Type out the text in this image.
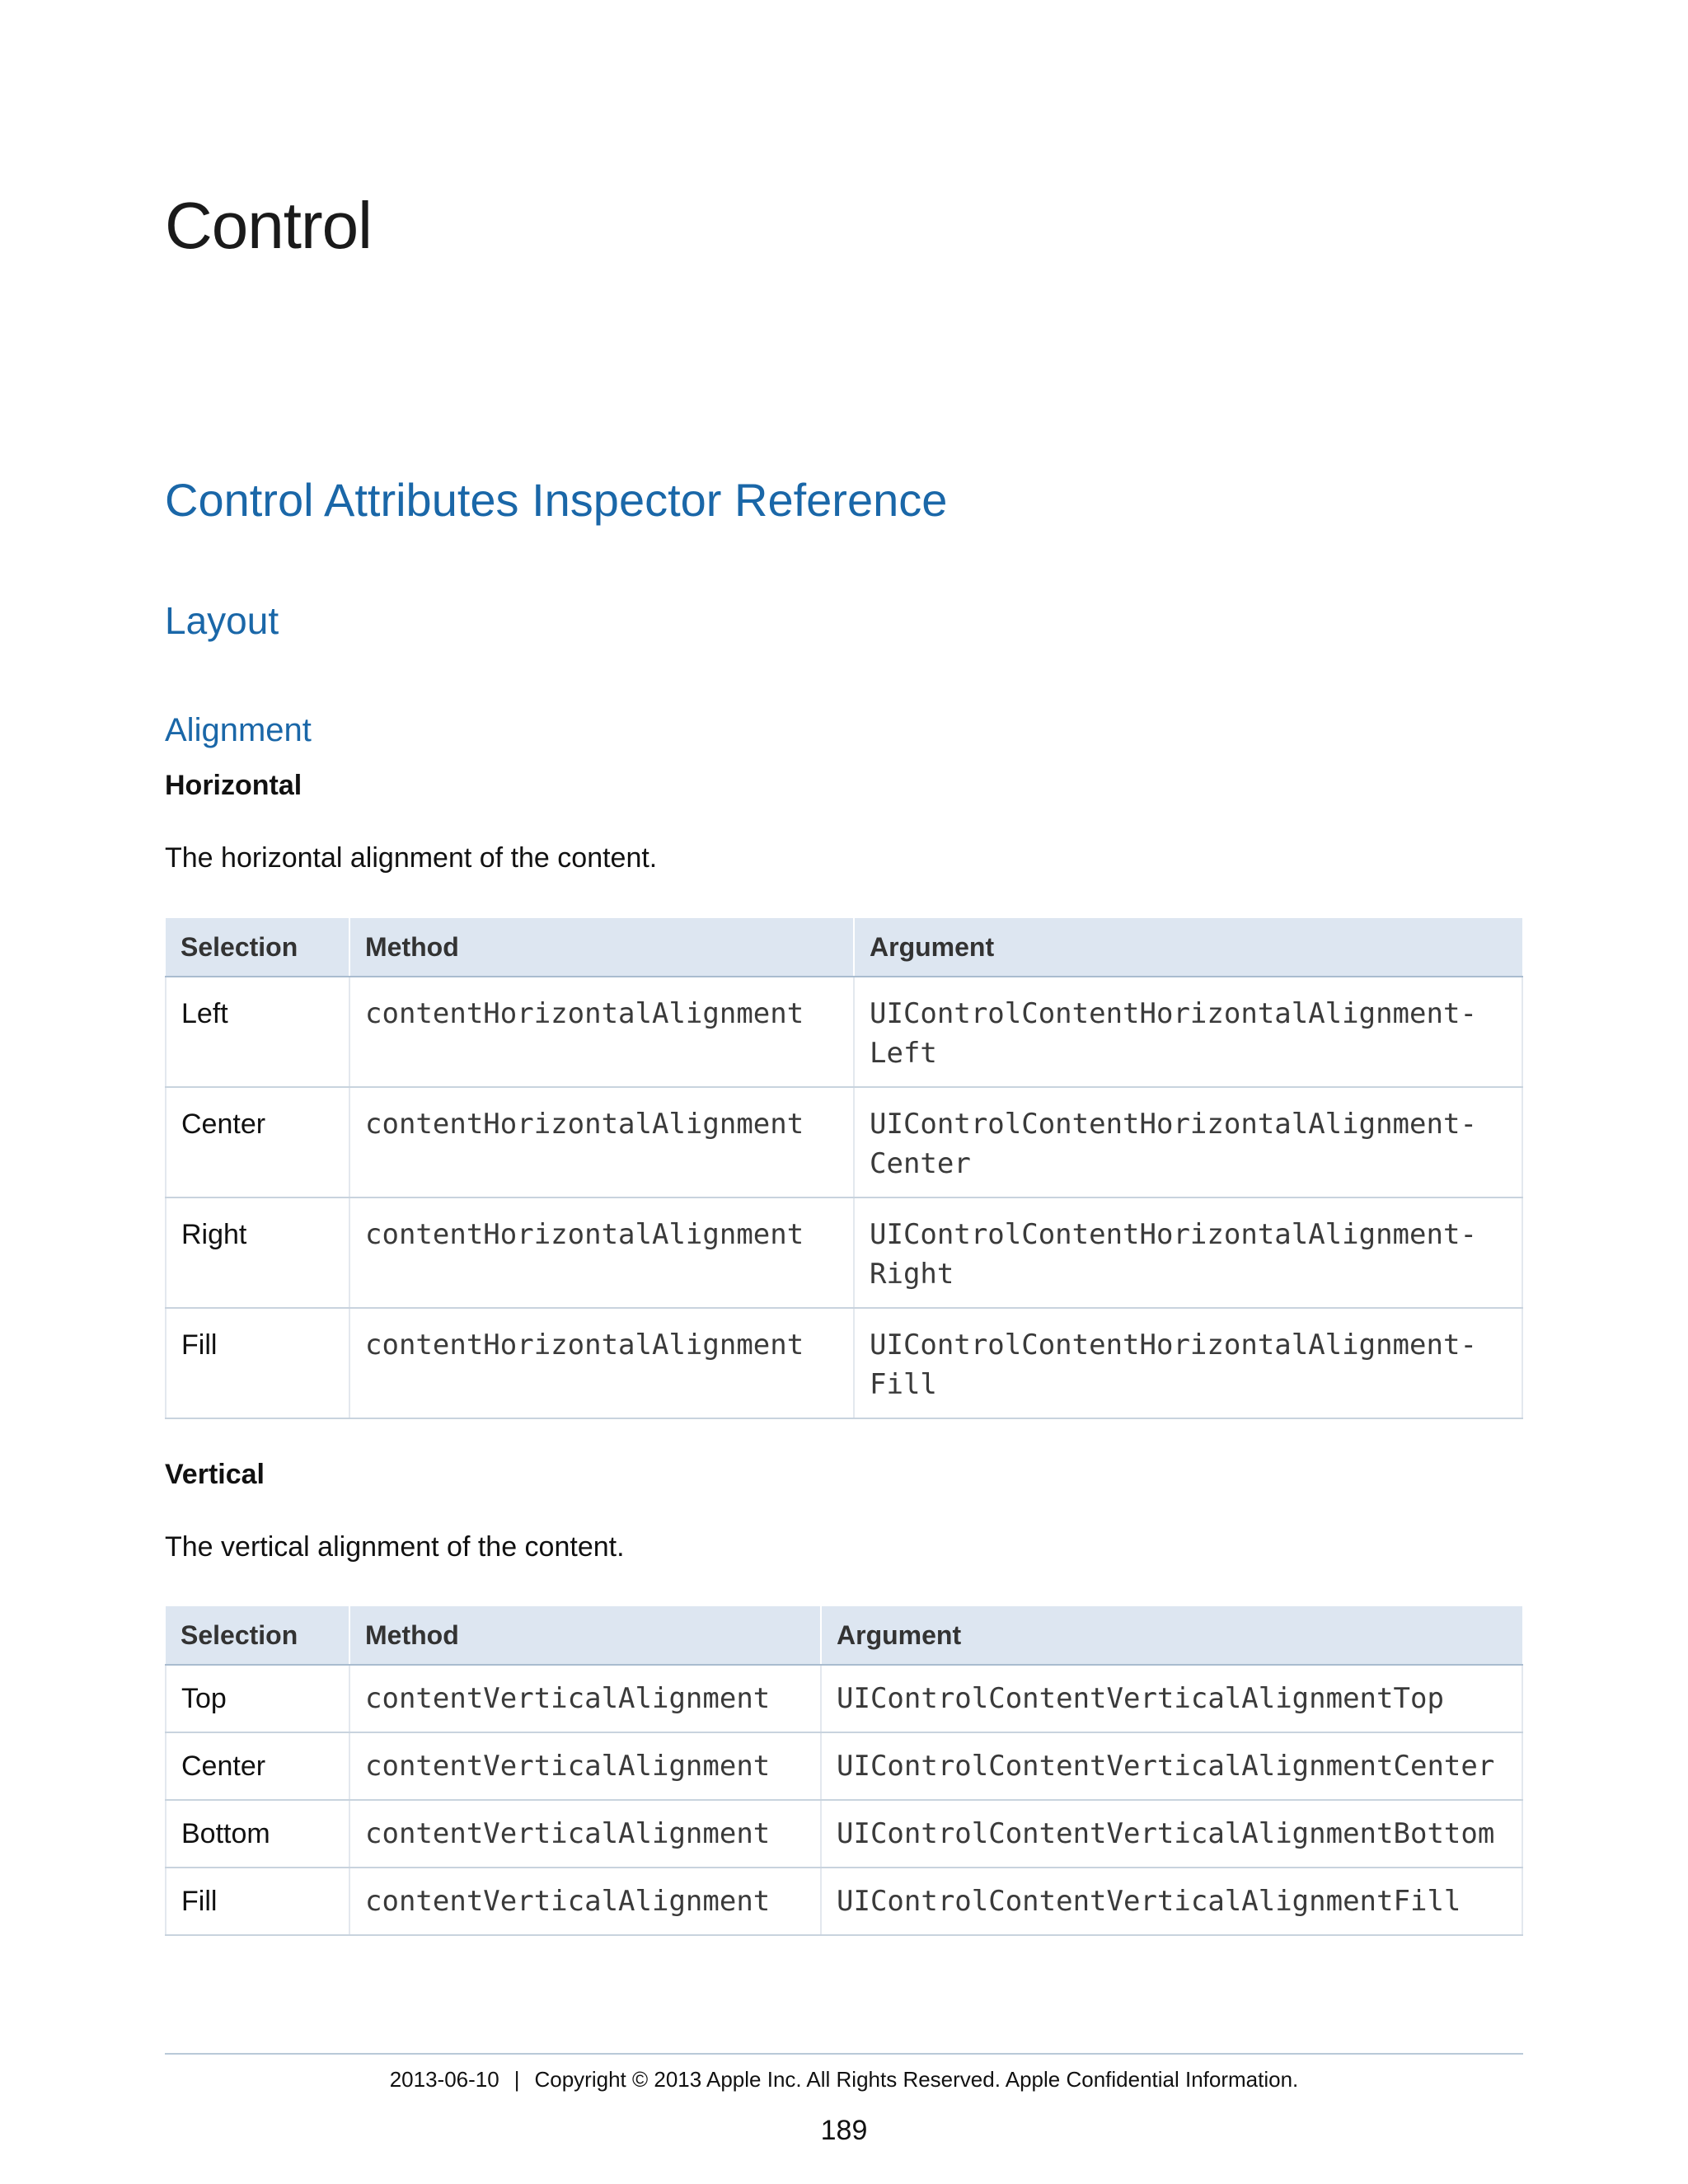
Control
Control Attributes Inspector Reference
Layout
Alignment
Horizontal

The horizontal alignment of the content.

Selection	Method	Argument
Left	contentHorizontalAlignment	UIControlContentHorizontalAlignment-
Left

Center	contentHorizontalAlignment	UIControlContentHorizontalAlignment-
Center

Right	contentHorizontalAlignment	UIControlContentHorizontalAlignment-
Right

Fill	contentHorizontalAlignment	UIControlContentHorizontalAlignment-
Fill
Vertical

The vertical alignment of the content.

Selection	Method	Argument
Top	contentVerticalAlignment	UIControlContentVerticalAlignmentTop
Center	contentVerticalAlignment	UIControlContentVerticalAlignmentCenter
Bottom	contentVerticalAlignment	UIControlContentVerticalAlignmentBottom
Fill	contentVerticalAlignment	UIControlContentVerticalAlignmentFill
2013-06-10 | Copyright © 2013 Apple Inc. All Rights Reserved. Apple Confidential Information.
189
